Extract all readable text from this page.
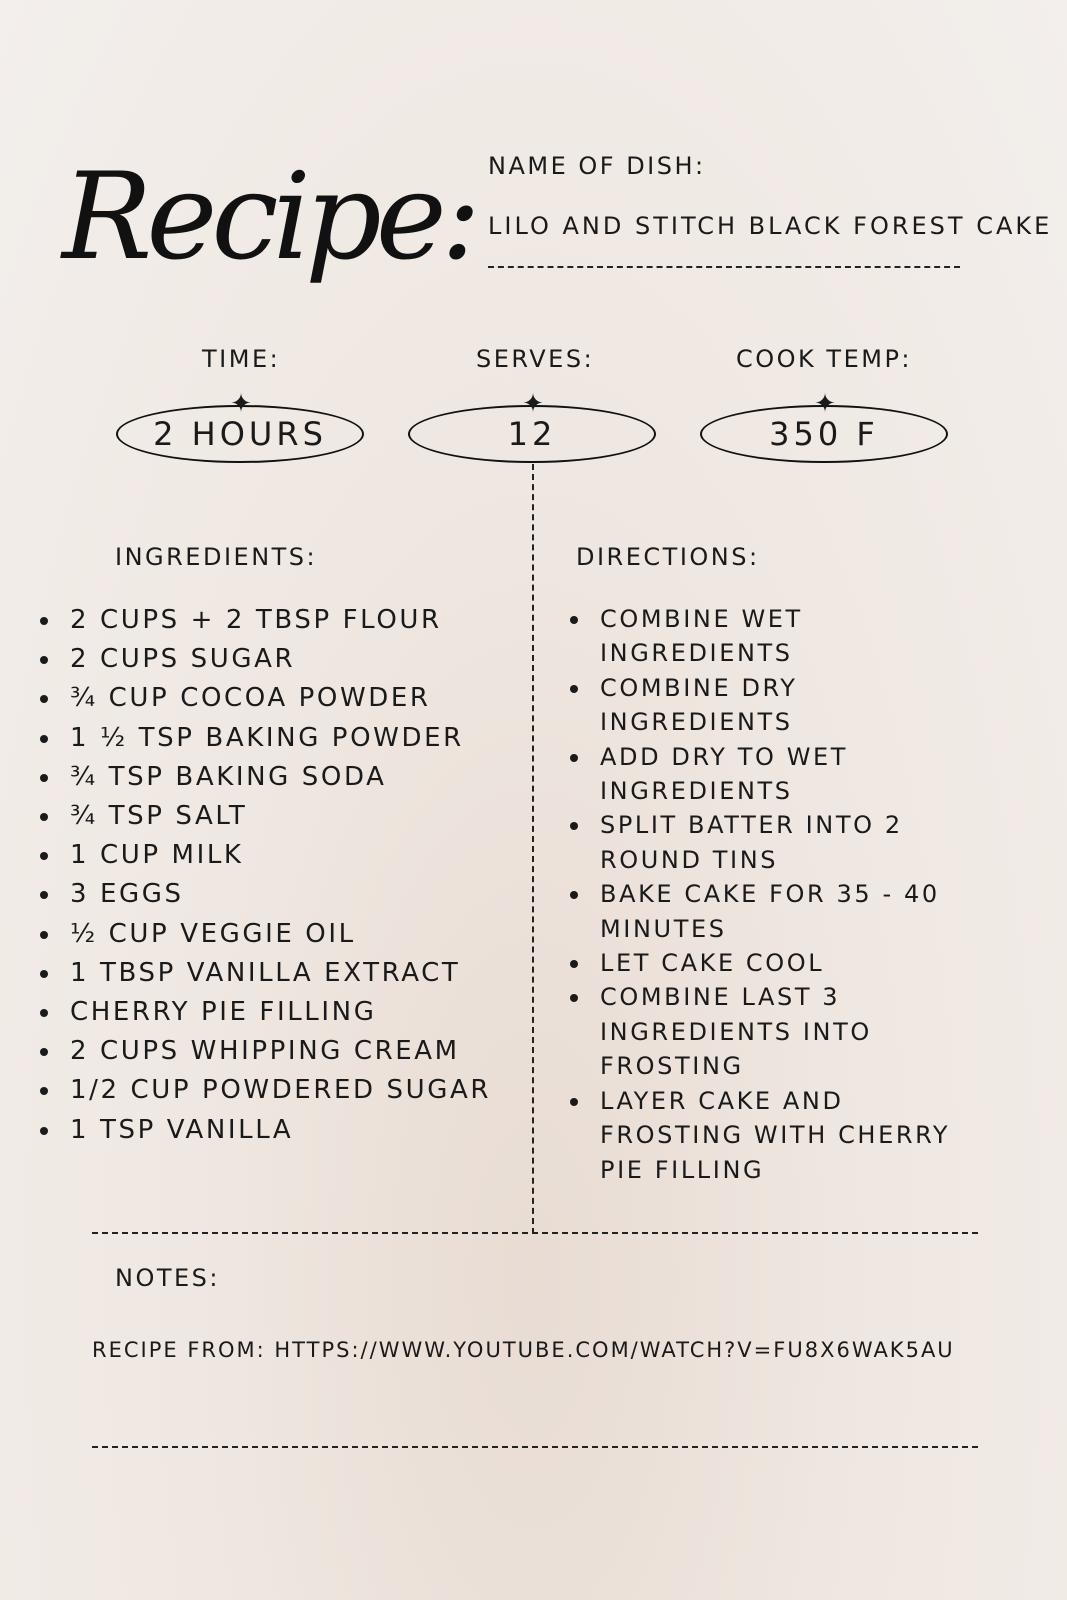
Recipe: NAME OF DISH:
LILO AND STITCH BLACK FOREST CAKE
TIME:
2 HOURS
✦
SERVES:
12
✦
COOK TEMP:
350 F
✦
INGREDIENTS:
2 CUPS + 2 TBSP FLOUR
2 CUPS SUGAR
¾ CUP COCOA POWDER
1 ½ TSP BAKING POWDER
¾ TSP BAKING SODA
¾ TSP SALT
1 CUP MILK
3 EGGS
½ CUP VEGGIE OIL
1 TBSP VANILLA EXTRACT
CHERRY PIE FILLING
2 CUPS WHIPPING CREAM
1/2 CUP POWDERED SUGAR
1 TSP VANILLA
DIRECTIONS:
COMBINE WET INGREDIENTS
COMBINE DRY INGREDIENTS
ADD DRY TO WET INGREDIENTS
SPLIT BATTER INTO 2 ROUND TINS
BAKE CAKE FOR 35 - 40 MINUTES
LET CAKE COOL
COMBINE LAST 3 INGREDIENTS INTO FROSTING
LAYER CAKE AND FROSTING WITH CHERRY PIE FILLING
NOTES:
RECIPE FROM: HTTPS://WWW.YOUTUBE.COM/WATCH?V=FU8X6WAK5AU
